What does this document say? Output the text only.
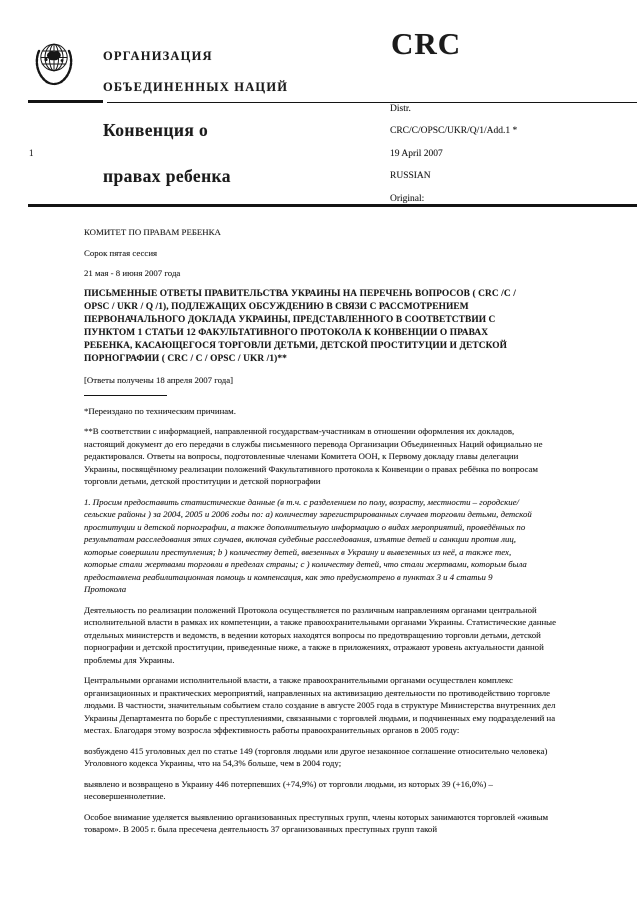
ОРГАНИЗАЦИЯ
ОБЪЕДИНЕННЫХ НАЦИЙ
CRC
1
Конвенция о
правах ребенка
Distr.
CRC/C/OPSC/UKR/Q/1/Add.1 *
19 April 2007
RUSSIAN
Original:

КОМИТЕТ ПО ПРАВАМ РЕБЕНКА

Сорок пятая сессия

21 мая - 8 июня 2007 года

ПИСЬМЕННЫЕ ОТВЕТЫ ПРАВИТЕЛЬСТВА УКРАИНЫ НА ПЕРЕЧЕНЬ ВОПРОСОВ ( CRC /C / OPSC / UKR / Q /1), ПОДЛЕЖАЩИХ ОБСУЖДЕНИЮ В СВЯЗИ С РАССМОТРЕНИЕМ ПЕРВОНАЧАЛЬНОГО ДОКЛАДА УКРАИНЫ, ПРЕДСТАВЛЕННОГО В СООТВЕТСТВИИ С ПУНКТОМ 1 СТАТЬИ 12 ФАКУЛЬТАТИВНОГО ПРОТОКОЛА К КОНВЕНЦИИ О ПРАВАХ РЕБЕНКА, КАСАЮЩЕГОСЯ ТОРГОВЛИ ДЕТЬМИ, ДЕТСКОЙ ПРОСТИТУЦИИ И ДЕТСКОЙ ПОРНОГРАФИИ ( CRC / C / OPSC / UKR /1)**

[Ответы получены 18 апреля 2007 года]

*Переиздано по техническим причинам.

**В соответствии с информацией, направленной государствам-участникам в отношении оформления их докладов, настоящий документ до его передачи в службы письменного перевода Организации Объединенных Наций официально не редактировался. Ответы на вопросы, подготовленные членами Комитета ООН, к Первому докладу главы делегации Украины, посвящённому реализации положений Факультативного протокола к Конвенции о правах ребёнка по вопросам торговли детьми, детской проституции и детской порнографии

1. Просим предоставить статистические данные (в т.ч. с разделением по полу, возрасту, местности – городские/сельские районы ) за 2004, 2005 и 2006 годы по: а) количеству зарегистрированных случаев торговли детьми, детской проституции и детской порнографии, а также дополнительную информацию о видах мероприятий, проведённых по результатам расследования этих случаев, включая судебные расследования, изъятие детей и санкции против лиц, которые совершили преступления; b ) количеству детей, ввезенных в Украину и вывезенных из неё, а также тех, которые стали жертвами торговли в пределах страны; c ) количеству детей, что стали жертвами, которым была предоставлена реабилитационная помощь и компенсация, как это предусмотрено в пунктах 3 и 4 статьи 9 Протокола

Деятельность по реализации положений Протокола осуществляется по различным направлениям органами центральной исполнительной власти в рамках их компетенции, а также правоохранительными органами Украины. Статистические данные отдельных министерств и ведомств, в ведении которых находятся вопросы по предотвращению торговли детьми, детской порнографии и детской проституции, приведенные ниже, а также в приложениях, отражают уровень актуальности данной проблемы для Украины.

Центральными органами исполнительной власти, а также правоохранительными органами осуществлен комплекс организационных и практических мероприятий, направленных на активизацию деятельности по противодействию торговле людьми. В частности, значительным событием стало создание в августе 2005 года в структуре Министерства внутренних дел Украины Департамента по борьбе с преступлениями, связанными с торговлей людьми, и подчиненных ему подразделений на местах. Благодаря этому возросла эффективность работы правоохранительных органов в 2005 году:

возбуждено 415 уголовных дел по статье 149 (торговля людьми или другое незаконное соглашение относительно человека) Уголовного кодекса Украины, что на 54,3% больше, чем в 2004 году;

выявлено и возвращено в Украину 446 потерпевших (+74,9%) от торговли людьми, из которых 39 (+16,0%) – несовершеннолетние.

Особое внимание уделяется выявлению организованных преступных групп, члены которых занимаются торговлей «живым товаром». В 2005 г. была пресечена деятельность 37 организованных преступных групп такой
